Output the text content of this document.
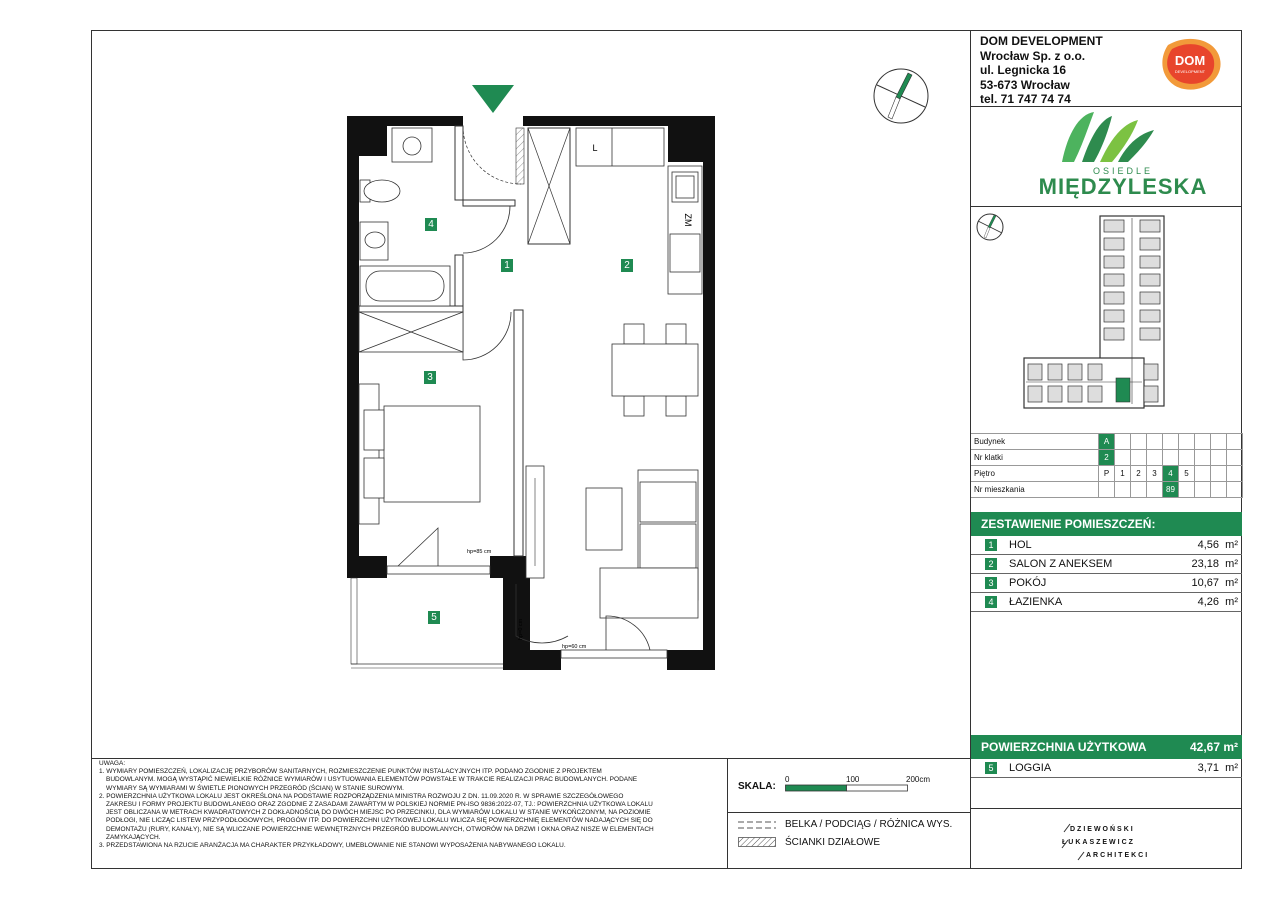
DOM DEVELOPMENT
Wrocław Sp. z o.o.
ul. Legnicka 16
53-673 Wrocław
tel. 71 747 74 74
DOM
DEVELOPMENT
OSIEDLE
MIĘDZYLESKA
Budynek	A								
Nr klatki	2								
Piętro	P	1	2	3	4	5			
Nr mieszkania					89				
ZESTAWIENIE POMIESZCZEŃ:
1	HOL	4,56 m²
2	SALON Z ANEKSEM	23,18 m²
3	POKÓJ	10,67 m²
4	ŁAZIENKA	4,26 m²
POWIERZCHNIA UŻYTKOWA	42,67 m²
5	LOGGIA	3,71 m²
DZIEWOŃSKI
ŁUKASZEWICZ
ARCHITEKCI
UWAGA:
1. WYMIARY POMIESZCZEŃ, LOKALIZACJĘ PRZYBORÓW SANITARNYCH, ROZMIESZCZENIE PUNKTÓW INSTALACYJNYCH ITP. PODANO ZGODNIE Z PROJEKTEM
BUDOWLANYM. MOGĄ WYSTĄPIĆ NIEWIELKIE RÓŻNICE WYMIARÓW I USYTUOWANIA ELEMENTÓW POWSTAŁE W TRAKCIE REALIZACJI PRAC BUDOWLANYCH. PODANE
WYMIARY SĄ WYMIARAMI W ŚWIETLE PIONOWYCH PRZEGRÓD (ŚCIAN) W STANIE SUROWYM.
2. POWIERZCHNIA UŻYTKOWA LOKALU JEST OKREŚLONA NA PODSTAWIE ROZPORZĄDZENIA MINISTRA ROZWOJU Z DN. 11.09.2020 R. W SPRAWIE SZCZEGÓŁOWEGO
ZAKRESU I FORMY PROJEKTU BUDOWLANEGO ORAZ ZGODNIE Z ZASADAMI ZAWARTYM W POLSKIEJ NORMIE PN-ISO 9836:2022-07, TJ.: POWIERZCHNIA UŻYTKOWA LOKALU
JEST OBLICZANA W METRACH KWADRATOWYCH Z DOKŁADNOŚCIĄ DO DWÓCH MIEJSC PO PRZECINKU, DLA WYMIARÓW LOKALU W STANIE WYKOŃCZONYM, NA POZIOMIE
PODŁOGI, NIE LICZĄC LISTEW PRZYPODŁOGOWYCH, PROGÓW ITP. DO POWIERZCHNI UŻYTKOWEJ LOKALU WLICZA SIĘ POWIERZCHNIĘ ELEMENTÓW NADAJĄCYCH SIĘ DO
DEMONTAŻU (RURY, KANAŁY), NIE SĄ WLICZANE POWIERZCHNIE WEWNĘTRZNYCH PRZEGRÓD BUDOWLANYCH, OTWORÓW NA DRZWI I OKNA ORAZ NISZE W ELEMENTACH
ZAMYKAJĄCYCH.
3. PRZEDSTAWIONA NA RZUCIE ARANŻACJA MA CHARAKTER PRZYKŁADOWY, UMEBLOWANIE NIE STANOWI WYPOSAŻENIA NABYWANEGO LOKALU.
SKALA:
0	100	200cm
BELKA / PODCIĄG / RÓŻNICA WYS.
ŚCIANKI DZIAŁOWE
L
ZM
hp=85 cm
hp=60 cm
hp=0 cm
1	2
3
4
5
